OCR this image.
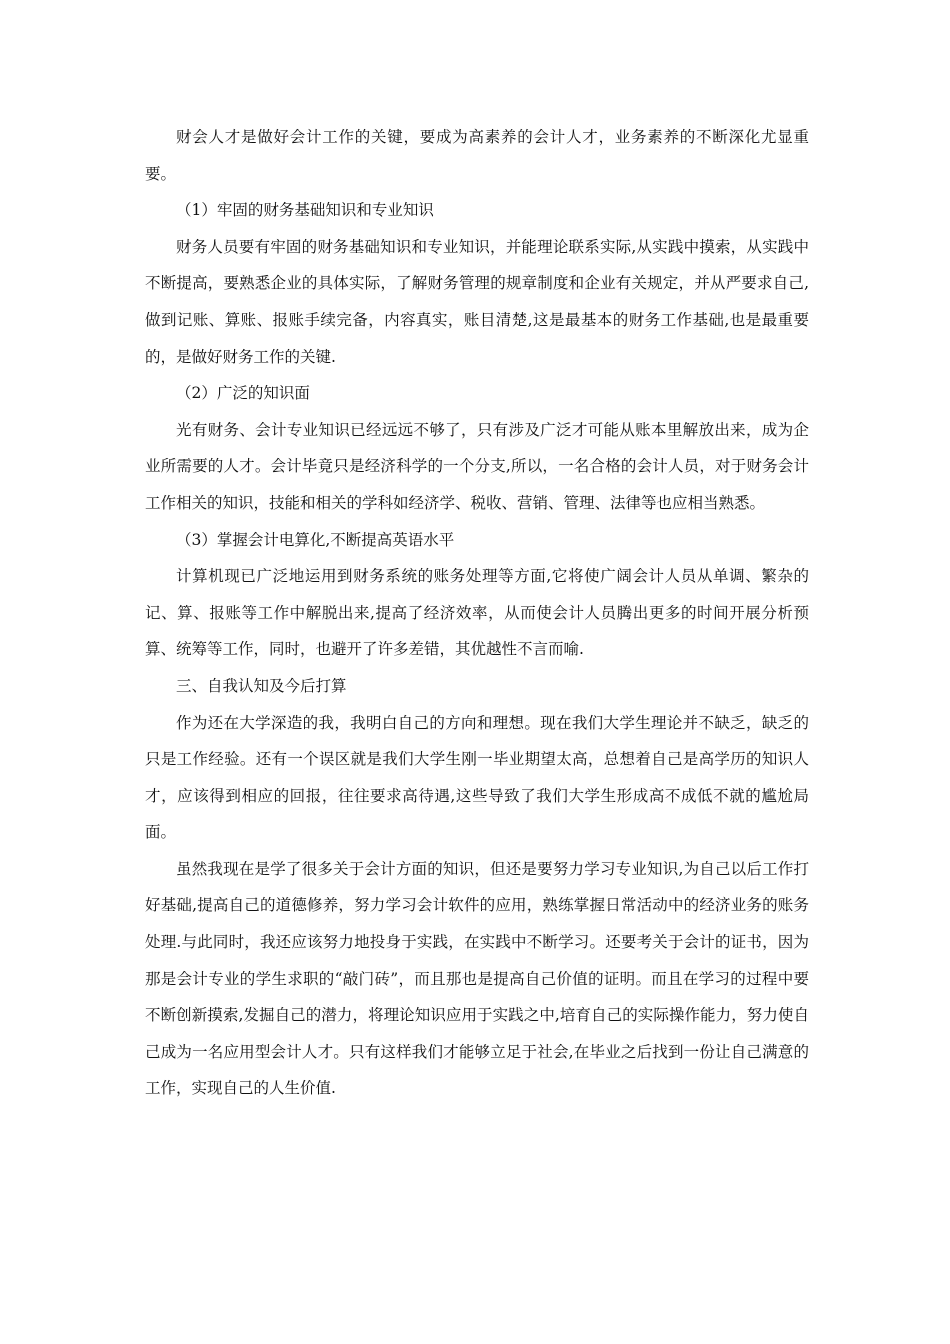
财会人才是做好会计工作的关键，要成为高素养的会计人才，业务素养的不断深化尤显重要。

（1）牢固的财务基础知识和专业知识

财务人员要有牢固的财务基础知识和专业知识，并能理论联系实际,从实践中摸索，从实践中不断提高，要熟悉企业的具体实际，了解财务管理的规章制度和企业有关规定，并从严要求自己,做到记账、算账、报账手续完备，内容真实，账目清楚,这是最基本的财务工作基础,也是最重要的，是做好财务工作的关键.

（2）广泛的知识面

光有财务、会计专业知识已经远远不够了，只有涉及广泛才可能从账本里解放出来，成为企业所需要的人才。会计毕竟只是经济科学的一个分支,所以，一名合格的会计人员，对于财务会计工作相关的知识，技能和相关的学科如经济学、税收、营销、管理、法律等也应相当熟悉。

（3）掌握会计电算化,不断提高英语水平

计算机现已广泛地运用到财务系统的账务处理等方面,它将使广阔会计人员从单调、繁杂的记、算、报账等工作中解脱出来,提高了经济效率，从而使会计人员腾出更多的时间开展分析预算、统筹等工作，同时，也避开了许多差错，其优越性不言而喻.

三、自我认知及今后打算

作为还在大学深造的我，我明白自己的方向和理想。现在我们大学生理论并不缺乏，缺乏的只是工作经验。还有一个误区就是我们大学生刚一毕业期望太高，总想着自己是高学历的知识人才，应该得到相应的回报，往往要求高待遇,这些导致了我们大学生形成高不成低不就的尴尬局面。

虽然我现在是学了很多关于会计方面的知识，但还是要努力学习专业知识,为自己以后工作打好基础,提高自己的道德修养，努力学习会计软件的应用，熟练掌握日常活动中的经济业务的账务处理.与此同时，我还应该努力地投身于实践，在实践中不断学习。还要考关于会计的证书，因为那是会计专业的学生求职的“敲门砖”，而且那也是提高自己价值的证明。而且在学习的过程中要不断创新摸索,发掘自己的潜力，将理论知识应用于实践之中,培育自己的实际操作能力，努力使自己成为一名应用型会计人才。只有这样我们才能够立足于社会,在毕业之后找到一份让自己满意的工作，实现自己的人生价值.
